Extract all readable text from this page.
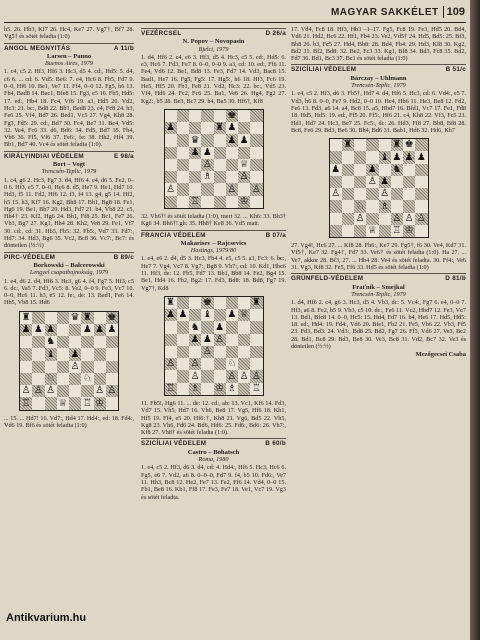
MAGYAR SAKKÉLET 109
h5. 26. Hb3, Kf7 26. Hc4, Ke7 27. Vg7†, Bf7 28. Vg5† és sötét feladta (1:0)
ANGOL MEGNYITÁS	A 11/b
Larsen – Panno
Buenos Aires, 1979
1. c4, c5 2. Hf3, Hf6 3. Hc3, d5 4. cd:, Hd5: 5. d4, c6 6. ... cd: 6. Vd5: Be6: 7. e4, Hc6 8. Fb5, Fd7 9. 0–0, Hf6 10. Be1, Ve7 11. Ff4, 0–0 12. Fg5, h6 13. Fh4, Bad8 14. Bac1, Bfe8 15. Fg3, e5 16. Fb5, Hd5: 17. ed:, Hb4 18. Fc4, Vf6 19. a3, Hd5 20. Vd2, Hc3: 21. bc:, Bd8 22. Bb1, Bed8 23. c4, Fc8 24. h3, Fe6 25. Vf4, Bd7 26. Bed1, Vc5 27. Vg4, Kh8 28. Fg3, Fd5: 29. cd:, Bd7 30. Fc4, Be7 31. Be4, Vd5: 32. Ve4, Fc6 33. d6, Bd6: 34. Fd5, Bd7 35. Fh4, Vb6 36. Ff5, Vf6 37. Fe6:, fe: 38. Hh2, Hf4 39. Bb1, Bd7 40. Vc4 és sötét feladta (1:0).
KIRÁLYINDIAI VÉDELEM	E 98/a
Bort – Vogt
Trencsén-Teplic, 1979
1. c4, g6 2. Hc3, Fg7 3. d4, Hf6 4. e4, d6 5. Fe2, 0–0 6. Hf3, e5 7. 0–0, Hc6 8. d5, He7 9. He1, Hd7 10. Hd3, f5 11. Fd2, Hf6 12. f3, f4 13. g4, g5 14. Hf2, h5 15. h3, Kf7 16. Kg2, Bh8 17. Bh1, Bg8 18. Fe1, Hg6 19. Be1, Bh7 20. Hd3, Fd7 21. b4, Vb8 22. c5, Hh4† 23. Kf2, Hg6 24. Bh1, Ff8 25. Bc1, Fe7 26. Vb3, Bg7 27. Kg1, Hh4 28. Kh2, Ve8 29. Fe1, Vf7 30. cd:, cd: 31. Hb5, Fb5: 32. Fb5:, Vd7 33. Fd7:, Hd7: 34. Hd3, Bg6 35. Vc2, Bc8 36. Vc7:, Bc7: és döntetlen (½:½)
PIRC-VÉDELEM	B 89/c
Borkowski – Bałcerowski
Lengyel csapatbajnokság, 1979
1. e4, d6 2. d4, Hf6 3. Hc3, g6 4. f4, Fg7 5. Hf3, c5 6. dc:, Va5 7. Fd3, Vc5: 8. Ve2, 0–0 9. Fe3, Vc7 10. 0–0, Hc6 11. h3, e5 12. fe:, de: 13. Bad1, Fe6 14. Hb5, Vb8 15. Hd6
♜	♛ ♜ ♚
♟ ♟ ♟	♟ ♟ ♟
♞
♝ ♟
♙
♘	♘
♙ ♙ ♙	♙ ♙
♖	♕ ♖ ♔
... 15. ... Hd7! 16. Vd7:, Hd4 17. Hd4:, ed: 18. Fd4:, Vd6 19. Bf6 és sötét feladta (1:0)
VEZÉRCSEL	D 26/a
N. Popov – Novopasin
Bjelci, 1979
1. d4, Hf6 2. c4, e6 3. Hf3, d5 4. Hc3, c5 5. cd:, Hd5: 6. e3, Hc6 7. Fd3, Fe7 8. 0–0, 0–0 9. a3, cd: 10. ed:, Ff6 11. Fe4, Vd6 12. Be1, Bd8 13. Fe3, Fd7 14. Vd3, Bac8 15. Bad1, He7 16. Fg5, Fg5: 17. Hg5:, h6 18. Hf3, Fc6 19. He5, Hf5 20. Fb1, Fe8 21. Vd2, Hc3: 22. bc:, Vd5 23. Vf4, Hd6 24. Fc2, Fc6 25. Ba1, Ve6 26. Hg4, Fg2 27. Kg2:, b5 28. Be3, Bc7 29. h4, Ba5 30. Hf6†, Kf8
♚
♟	♜ ♟
♛	♟ ♟
♟ ♟
♙	♕
♗	♙
♙	♙ ♙
♖	♔
32. Vh6†! és sötét feladta (1:0), mert 32. ... Kh6: 33. Bh3† Kg6 34. Bh6†! gh: 35. Hh8† Ke8 36. Vd5 matt.
FRANCIA VÉDELEM	B 07/a
Makarisev – Rajcsevics
Hastings, 1979/80
1. e4, e6 2. d4, d5 3. Hc3, Fb4 4. e5, c5 5. a3, Fc3: 6. bc:, He7 7. Vg4, Vc7 8. Vg7:, Bg8 9. Vh7:, cd: 10. Kd1, Hbc6 11. Hf3, de: 12. Fb5, Fd7 13. Bb1, Bb8 14. Fe2, Bg4 15. Be1, Hd4 16. Fb2, Bg2: 17. Fd3, Bd8: 18. Bd8, Fg7 19. Vg7†, Kd8
♜	♚	♜
♟ ♟ ♝ ♟ ♕
♞ ♟
♟ ♟ ♙
♙
♙ ♙	♘
♙	♙ ♙ ♙
♖ ♗ ♔ ♗ ♖
11. Fb5!, Hg6 11. ... de: 12. cd:, ab: 13. Vc1, Kf6 14. Fd3, Vd7 15. Vh5, Hd7 16. Vh6, Be8 17. Vg5, Hf6 18. Kh1, Hf5 19. Ff4, e5 20. Hf6:†, Kh8 21. Vg6, Bd5 22. Vh5, Kg8 23. Vh6, Fd6 24. Bd6, Hd6: 25. Fd6:, Bd6: 26. Vh7:, Kf8 27. Vh8† és sötét feladta (1:0).
SZICÍLIAI VÉDELEM	B 60/b
Castro – Bohatsch
Roma, 1980
1. e4, c5 2. Hf3, d6 3. d4, cd: 4. Hd4:, Hf6 5. Hc3, Hc6 6. Fg5, e6 7. Vd2, a6 8. 0–0–0, Fd7 9. f4, b5 10. Fd6:, Ve7 11. Hh3, Bc8 12. He2, Fe7 13. Fe2, Ff6 14. Vd4, 0–0 15. Fb1, Be8 16. Kb1, Ff8 17. Fe3, Fe7 18. Ve1, Vc7 19. Vg3 és sötét feladta.
17. Vd4, Fc8 18. Hf3, Hb3 –1–17. Fg5, Fc8 19. Fe3, Hd5 20. Bd4, Vd6 21. Hd2, Bc6 22. Hf1, Fb4 23. Ve2, Vd5† 24. Hd5, Bd5: 25. Bf3, Bb8 26. b3, Fc5 27. Hd4, Bb8: 28. Bd4, Fb4: 29. Hd3, Kf8 30. Kg2, Bd2 31. Bf2, Bd8: 32. Be2, Fc3 33. Kg1, Bf8 34. Bd3, Fc8 35. Bd2, Fd7 36. Bd1, Bc3 37. Bc1 és sötét feladta (1:0)
SZICÍLIAI VÉDELEM	B 51/c
Bárczay – Uhlmann
Trencsén-Teplic, 1979
1. e4, c5 2. Hf3, d6 3. Fb5†, Hd7 4. d4, Hf6 5. Hc3, cd: 6. Vd4:, e5 7. Vd3, h6 8. 0–0, Fe7 9. Hd2, 0–0 10. Hc4, Hb6 11. He3, Be8 12. Fd2, Fe6 13. Fd3, a6 14. a4, Bc8 15. a5, Hbd7 16. Bfd1, Vc7 17. Fe1, Fd8 18. Hd5, Hd5: 19. ed:, Ff5 20. Ff5:, Hf6 21. c4, Kh8 22. Vf3, Fc5 23. Hd1, Hd7 24. Hc3, Be7 25. Fc5:, dc: 26. Hd3, Ff8 27. Bb8, Bf8 28. Bc8, Fe6 29. Bd3, Be6 30. Bh4, Bd6 31. Bab1, Hd6 32. Hd6, Kh7
♜	♜ ♚
♝ ♟ ♟ ♟
♟	♟ ♞
♙ ♟
♙	♙
♘ ♗
♙	♙ ♙ ♙
♕ ♖ ♔
27. Vg4!, Hc6 27. ... Kf8 28. Fh6:, Ke7 29. Fg5†, f6 30. Ve4, Kd7 31. Vf5†, Ke7 32. Fg4†, Fd7 33. Ve6† és sötét feladta (1:0). Ha 27. ... Ve7, akkor 28. Bf3, 27. ... Hb4 28. Ve4 és sötét feladta. 30. Ff4:, Ve6 31. Vg3, Kf8 32. Fe5, Ff6 33. Hd5 és sötét feladta (1:0)
GRÜNFELD-VÉDELEM	D 81/b
Fraťnik – Smejkal
Trencsén-Teplic, 1979
1. d4, Hf6 2. c4, g6 3. Hc3, d5 4. Vb3, dc: 5. Vc4:, Fg7 6. e4, 0–0 7. Hf3, a6 8. Fe2, b5 9. Vb3, c5 10. dc:, Fe6 11. Vc2, Hbd7 12. Fe3, Vc7 13. Bd1, Bfc8 14. 0–0, Hc5: 15. Hd4, Fd7 16. b4, He6 17. Hd5, Hd5: 18. ed:, Hd4: 19. Fd4:, Vd6 20. Bfe1, Fb2 21. Fe5, Vb6 22. Vb3, Ff5 23. Fd3, Bd3: 24. Vd3:, Bd8 25. Bd2, Fg7 26. Ff3, Vd6 27. Ve3, Bc2 28. Bd1, Bc8 29. Bd3, Be8 30. Ve3, Bc8 31. Vd2, Bc7 32. Ve3 és döntetlen (½:½)
Mezőgecsei Csaba
Antikvarium.hu
